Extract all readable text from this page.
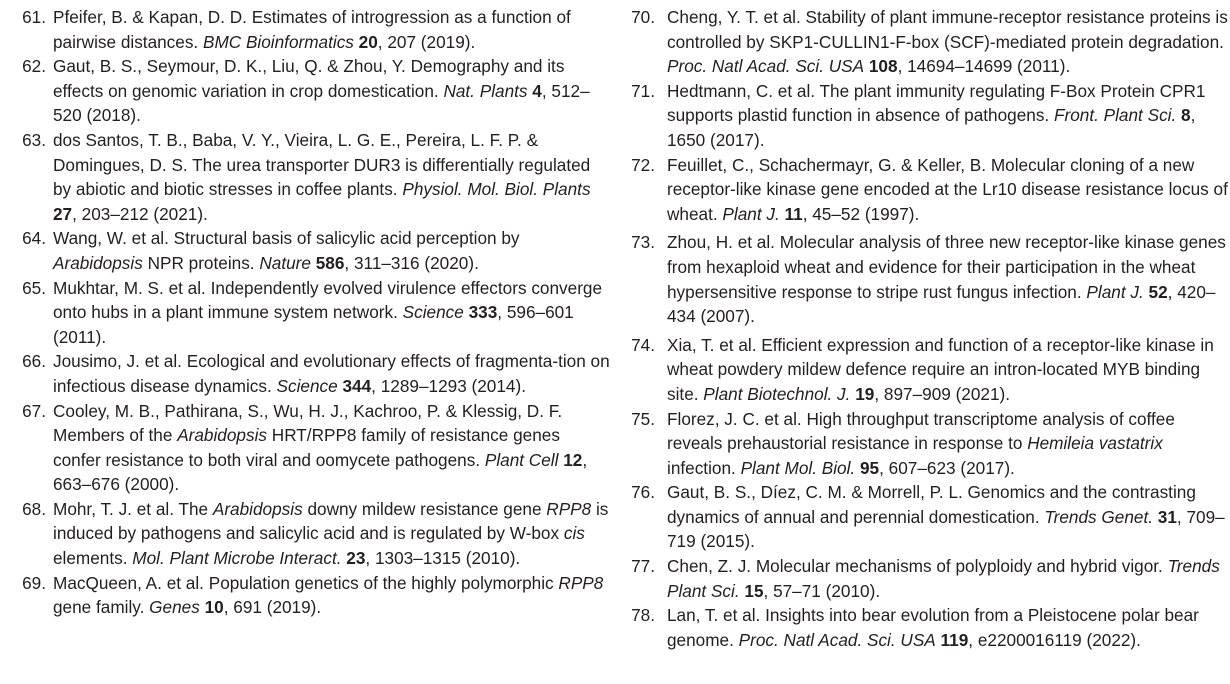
61. Pfeifer, B. & Kapan, D. D. Estimates of introgression as a function of pairwise distances. BMC Bioinformatics 20, 207 (2019).
62. Gaut, B. S., Seymour, D. K., Liu, Q. & Zhou, Y. Demography and its effects on genomic variation in crop domestication. Nat. Plants 4, 512–520 (2018).
63. dos Santos, T. B., Baba, V. Y., Vieira, L. G. E., Pereira, L. F. P. & Domingues, D. S. The urea transporter DUR3 is differentially regulated by abiotic and biotic stresses in coffee plants. Physiol. Mol. Biol. Plants 27, 203–212 (2021).
64. Wang, W. et al. Structural basis of salicylic acid perception by Arabidopsis NPR proteins. Nature 586, 311–316 (2020).
65. Mukhtar, M. S. et al. Independently evolved virulence effectors converge onto hubs in a plant immune system network. Science 333, 596–601 (2011).
66. Jousimo, J. et al. Ecological and evolutionary effects of fragmenta-tion on infectious disease dynamics. Science 344, 1289–1293 (2014).
67. Cooley, M. B., Pathirana, S., Wu, H. J., Kachroo, P. & Klessig, D. F. Members of the Arabidopsis HRT/RPP8 family of resistance genes confer resistance to both viral and oomycete pathogens. Plant Cell 12, 663–676 (2000).
68. Mohr, T. J. et al. The Arabidopsis downy mildew resistance gene RPP8 is induced by pathogens and salicylic acid and is regulated by W-box cis elements. Mol. Plant Microbe Interact. 23, 1303–1315 (2010).
69. MacQueen, A. et al. Population genetics of the highly polymorphic RPP8 gene family. Genes 10, 691 (2019).
70. Cheng, Y. T. et al. Stability of plant immune-receptor resistance proteins is controlled by SKP1-CULLIN1-F-box (SCF)-mediated protein degradation. Proc. Natl Acad. Sci. USA 108, 14694–14699 (2011).
71. Hedtmann, C. et al. The plant immunity regulating F-Box Protein CPR1 supports plastid function in absence of pathogens. Front. Plant Sci. 8, 1650 (2017).
72. Feuillet, C., Schachermayr, G. & Keller, B. Molecular cloning of a new receptor-like kinase gene encoded at the Lr10 disease resistance locus of wheat. Plant J. 11, 45–52 (1997).
73. Zhou, H. et al. Molecular analysis of three new receptor-like kinase genes from hexaploid wheat and evidence for their participation in the wheat hypersensitive response to stripe rust fungus infection. Plant J. 52, 420–434 (2007).
74. Xia, T. et al. Efficient expression and function of a receptor-like kinase in wheat powdery mildew defence require an intron-located MYB binding site. Plant Biotechnol. J. 19, 897–909 (2021).
75. Florez, J. C. et al. High throughput transcriptome analysis of coffee reveals prehaustorial resistance in response to Hemileia vastatrix infection. Plant Mol. Biol. 95, 607–623 (2017).
76. Gaut, B. S., Díez, C. M. & Morrell, P. L. Genomics and the contrasting dynamics of annual and perennial domestication. Trends Genet. 31, 709–719 (2015).
77. Chen, Z. J. Molecular mechanisms of polyploidy and hybrid vigor. Trends Plant Sci. 15, 57–71 (2010).
78. Lan, T. et al. Insights into bear evolution from a Pleistocene polar bear genome. Proc. Natl Acad. Sci. USA 119, e2200016119 (2022).
